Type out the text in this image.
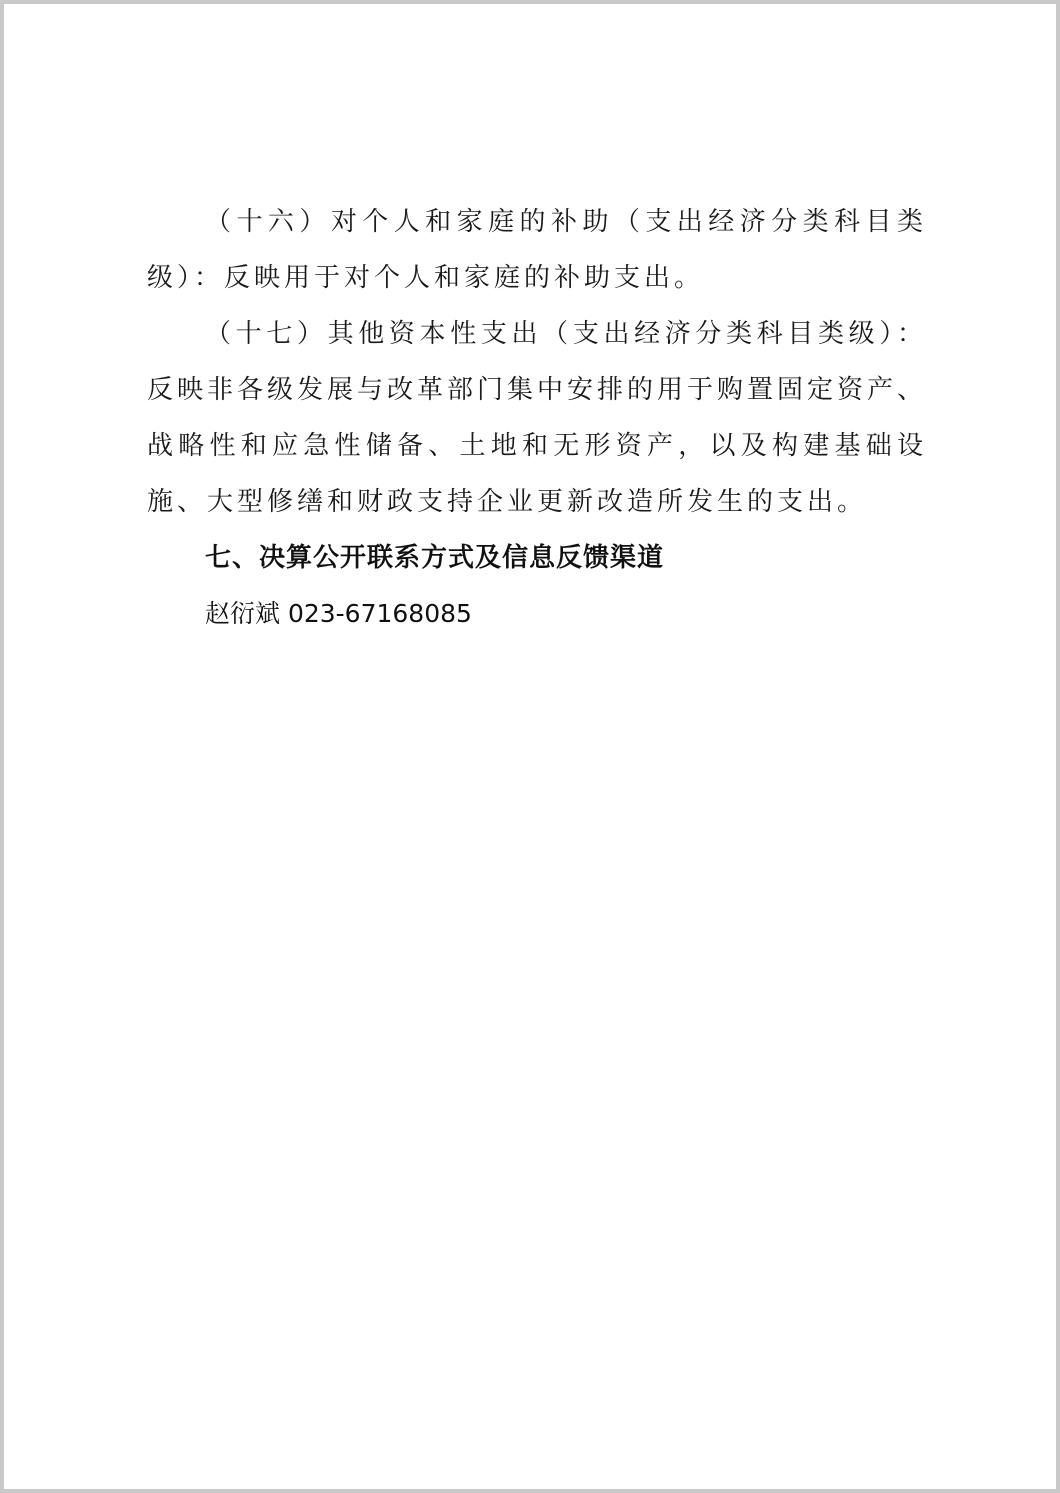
（十六）对个人和家庭的补助（支出经济分类科目类级）：反映用于对个人和家庭的补助支出。

（十七）其他资本性支出（支出经济分类科目类级）：反映非各级发展与改革部门集中安排的用于购置固定资产、战略性和应急性储备、土地和无形资产，以及构建基础设施、大型修缮和财政支持企业更新改造所发生的支出。

七、决算公开联系方式及信息反馈渠道

赵衍斌 023-67168085
